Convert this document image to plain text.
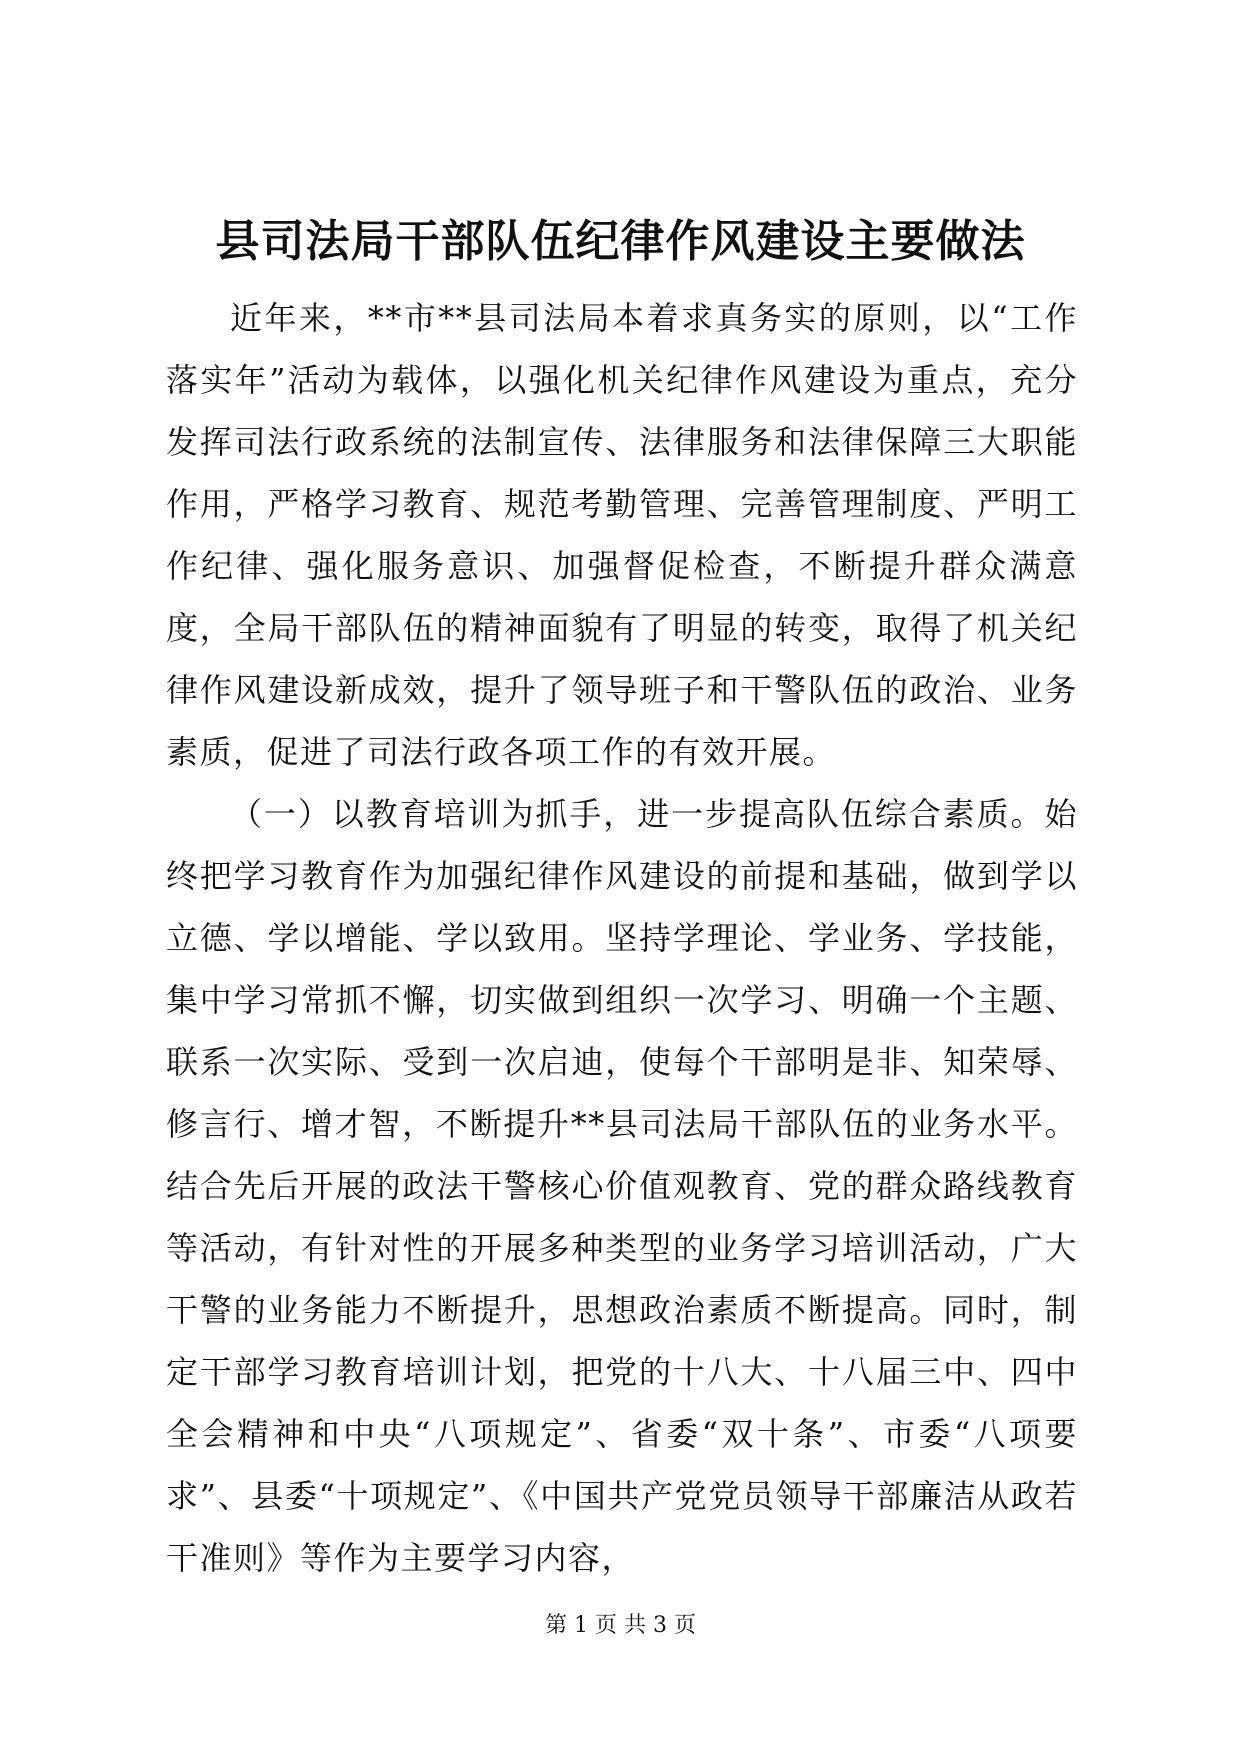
县司法局干部队伍纪律作风建设主要做法

近年来，**市**县司法局本着求真务实的原则，以“工作落实年”活动为载体，以强化机关纪律作风建设为重点，充分发挥司法行政系统的法制宣传、法律服务和法律保障三大职能作用，严格学习教育、规范考勤管理、完善管理制度、严明工作纪律、强化服务意识、加强督促检查，不断提升群众满意度，全局干部队伍的精神面貌有了明显的转变，取得了机关纪律作风建设新成效，提升了领导班子和干警队伍的政治、业务素质，促进了司法行政各项工作的有效开展。

（一）以教育培训为抓手，进一步提高队伍综合素质。始终把学习教育作为加强纪律作风建设的前提和基础，做到学以立德、学以增能、学以致用。坚持学理论、学业务、学技能，集中学习常抓不懈，切实做到组织一次学习、明确一个主题、联系一次实际、受到一次启迪，使每个干部明是非、知荣辱、修言行、增才智，不断提升**县司法局干部队伍的业务水平。结合先后开展的政法干警核心价值观教育、党的群众路线教育等活动，有针对性的开展多种类型的业务学习培训活动，广大干警的业务能力不断提升，思想政治素质不断提高。同时，制定干部学习教育培训计划，把党的十八大、十八届三中、四中全会精神和中央“八项规定”、省委“双十条”、市委“八项要求”、县委“十项规定”、《中国共产党党员领导干部廉洁从政若干准则》等作为主要学习内容，

第 1 页 共 3 页
